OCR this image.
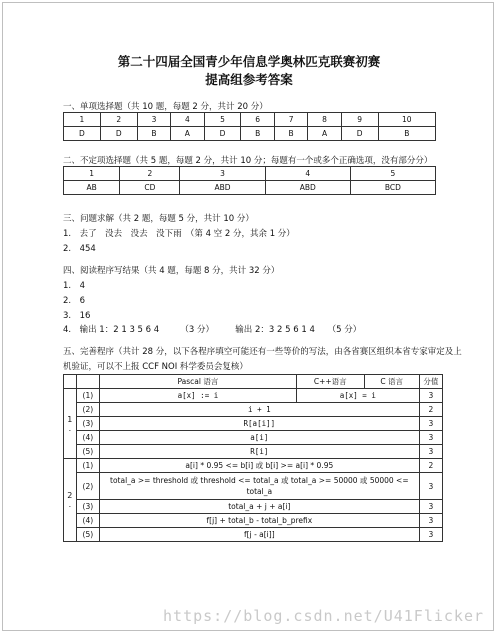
第二十四届全国青少年信息学奥林匹克联赛初赛
提高组参考答案
一、单项选择题（共 10 题，每题 2 分，共计 20 分）
1	2	3	4	5	6	7	8	9	10
D	D	B	A	D	B	B	A	D	B
二、不定项选择题（共 5 题，每题 2 分，共计 10 分；每题有一个或多个正确选项，没有部分分）
1	2	3	4	5
AB	CD	ABD	ABD	BCD
三、问题求解（共 2 题，每题 5 分，共计 10 分）
1.　去了　没去　没去　没下雨　（第 4 空 2 分，其余 1 分）
2.　454
四、阅读程序写结果（共 4 题，每题 8 分，共计 32 分）
1.　4
2.　6
3.　16
4.　输出 1：2 1 3 5 6 4　　　（3 分）　　　输出 2：3 2 5 6 1 4　　（5 分）
五、完善程序（共计 28 分，以下各程序填空可能还有一些等价的写法，由各省赛区组织本省专家审定及上
机验证，可以不上报 CCF NOI 科学委员会复核）
		Pascal 语言	C++语言	C 语言	分值
1
.	(1)	a[x] := i	a[x] = i		3
	(2)	i + 1			2
	(3)	R[a[i]]			3
	(4)	a[i]			3
	(5)	R[i]			3
2
.	(1)	a[i] * 0.95 <= b[i] 或 b[i] >= a[i] * 0.95			2
	(2)	total_a >= threshold 或 threshold <= total_a 或 total_a >= 50000 或 50000 <=
total_a			3
	(3)	total_a + j + a[i]			3
	(4)	f[j] + total_b - total_b_prefix			3
	(5)	f[j - a[i]]			3
https://blog.csdn.net/U41Flicker
